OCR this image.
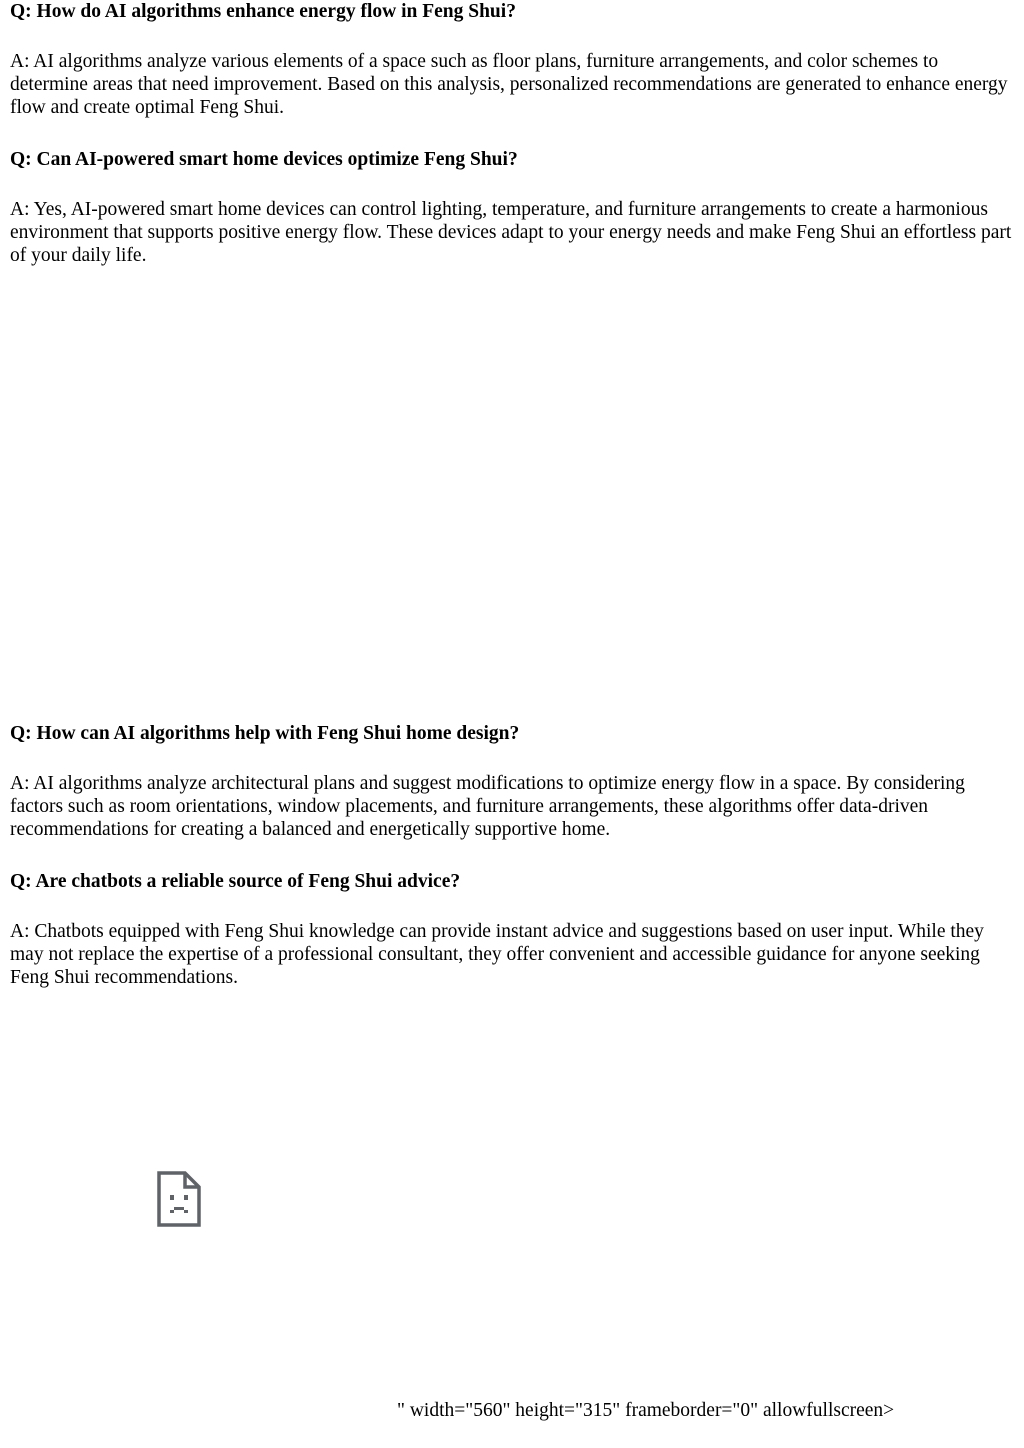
Q: How do AI algorithms enhance energy flow in Feng Shui?

A: AI algorithms analyze various elements of a space such as floor plans, furniture arrangements, and color schemes to determine areas that need improvement. Based on this analysis, personalized recommendations are generated to enhance energy flow and create optimal Feng Shui.

Q: Can AI-powered smart home devices optimize Feng Shui?

A: Yes, AI-powered smart home devices can control lighting, temperature, and furniture arrangements to create a harmonious environment that supports positive energy flow. These devices adapt to your energy needs and make Feng Shui an effortless part of your daily life.

Q: How can AI algorithms help with Feng Shui home design?

A: AI algorithms analyze architectural plans and suggest modifications to optimize energy flow in a space. By considering factors such as room orientations, window placements, and furniture arrangements, these algorithms offer data-driven recommendations for creating a balanced and energetically supportive home.

Q: Are chatbots a reliable source of Feng Shui advice?

A: Chatbots equipped with Feng Shui knowledge can provide instant advice and suggestions based on user input. While they may not replace the expertise of a professional consultant, they offer convenient and accessible guidance for anyone seeking Feng Shui recommendations.

" width="560" height="315" frameborder="0" allowfullscreen>
